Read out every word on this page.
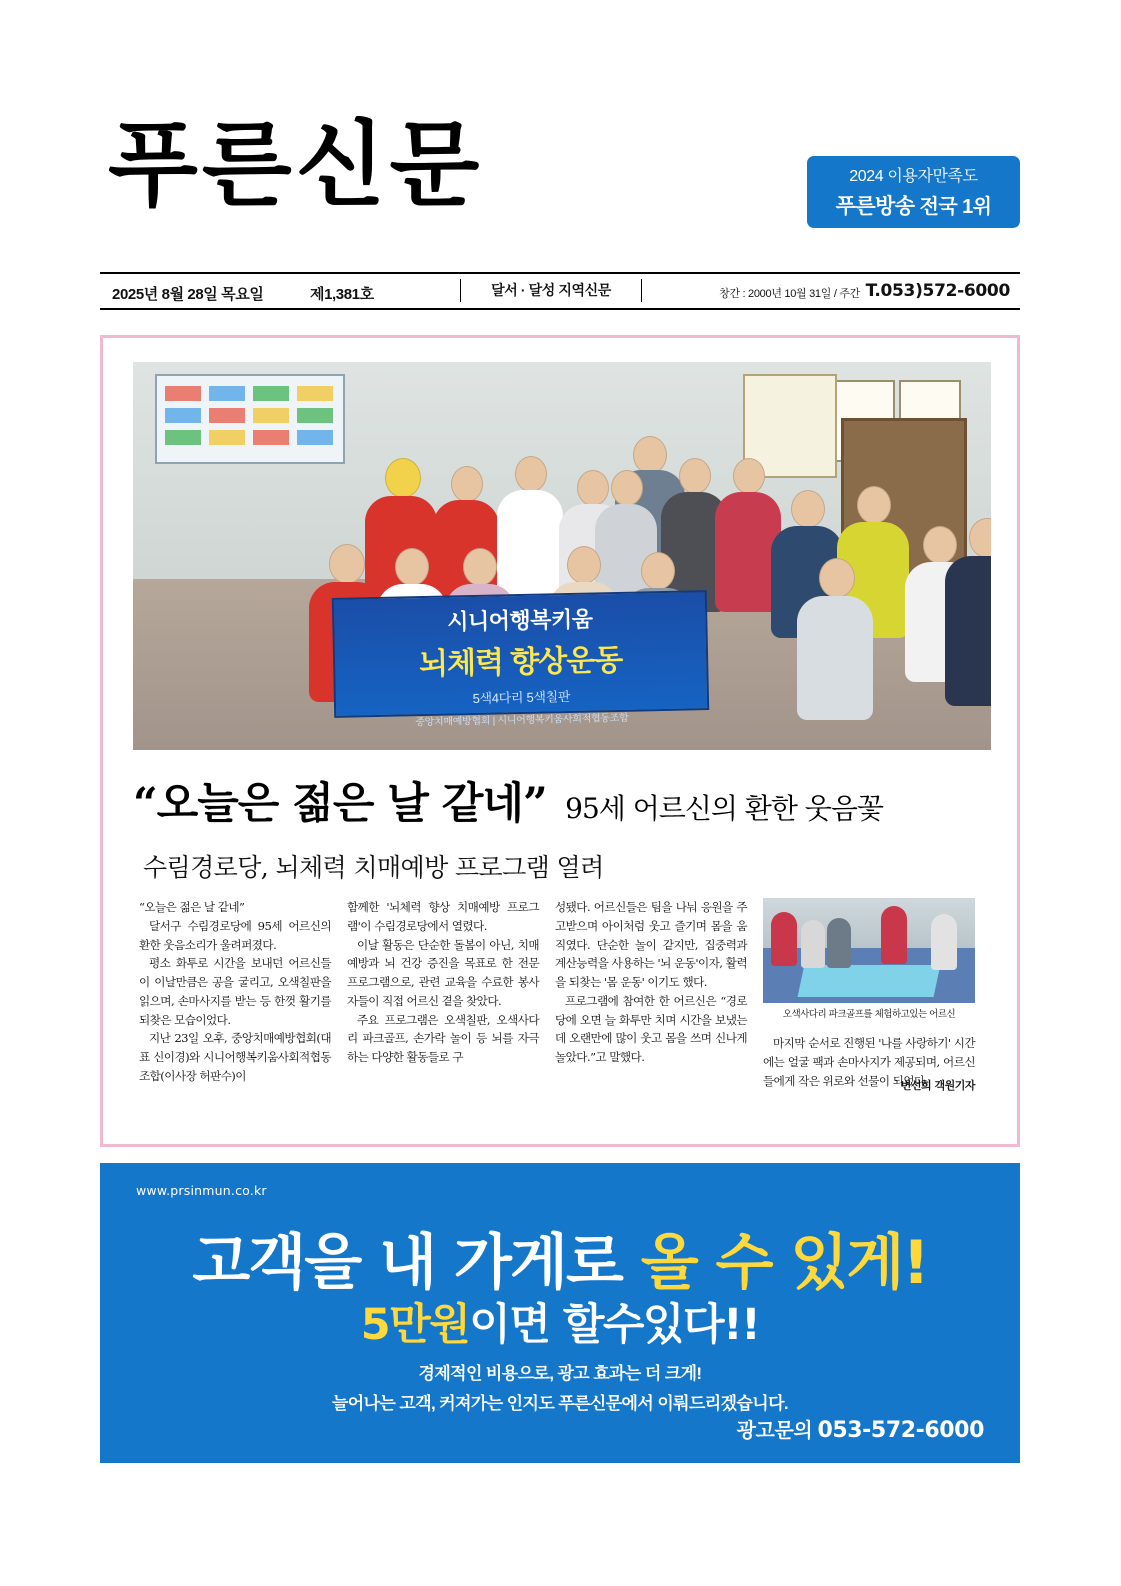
푸른신문	2024 이용자만족도
푸른방송 전국 1위
2025년 8월 28일 목요일	제1,381호	달서 · 달성 지역신문	창간 : 2000년 10월 31일 / 주간 T.053)572-6000
시니어행복키움
뇌체력 향상운동
5색4다리 5색칠판
중앙치매예방협회 | 시니어행복키움사회적협동조합
“오늘은 젊은 날 같네” 95세 어르신의 환한 웃음꽃
수림경로당, 뇌체력 치매예방 프로그램 열려

“오늘은 젊은 날 같네”

달서구 수림경로당에 95세 어르신의 환한 웃음소리가 울려퍼졌다.

평소 화투로 시간을 보내던 어르신들이 이날만큼은 공을 굴리고, 오색칠판을 읽으며, 손마사지를 받는 등 한껏 활기를 되찾은 모습이었다.

지난 23일 오후, 중앙치매예방협회(대표 신이경)와 시니어행복키움사회적협동조합(이사장 허판수)이

함께한 '뇌체력 향상 치매예방 프로그램'이 수림경로당에서 열렸다.

이날 활동은 단순한 돌봄이 아닌, 치매 예방과 뇌 건강 증진을 목표로 한 전문 프로그램으로, 관련 교육을 수료한 봉사자들이 직접 어르신 곁을 찾았다.

주요 프로그램은 오색칠판, 오색사다리 파크골프, 손가락 놀이 등 뇌를 자극하는 다양한 활동들로 구

성됐다. 어르신들은 팀을 나눠 응원을 주고받으며 아이처럼 웃고 즐기며 몸을 움직였다. 단순한 놀이 같지만, 집중력과 계산능력을 사용하는 '뇌 운동'이자, 활력을 되찾는 '몸 운동' 이기도 했다.

프로그램에 참여한 한 어르신은 “경로당에 오면 늘 화투만 치며 시간을 보냈는데 오랜만에 많이 웃고 몸을 쓰며 신나게 놀았다.”고 말했다.

오색사다리 파크골프를 체험하고있는 어르신

마지막 순서로 진행된 '나를 사랑하기' 시간에는 얼굴 팩과 손마사지가 제공되며, 어르신들에게 작은 위로와 선물이 되었다.

변선희 객원기자
www.prsinmun.co.kr
고객을 내 가게로 올 수 있게!
5만원이면 할수있다!!
경제적인 비용으로, 광고 효과는 더 크게!
늘어나는 고객, 커져가는 인지도 푸른신문에서 이뤄드리겠습니다.
광고문의 053-572-6000
